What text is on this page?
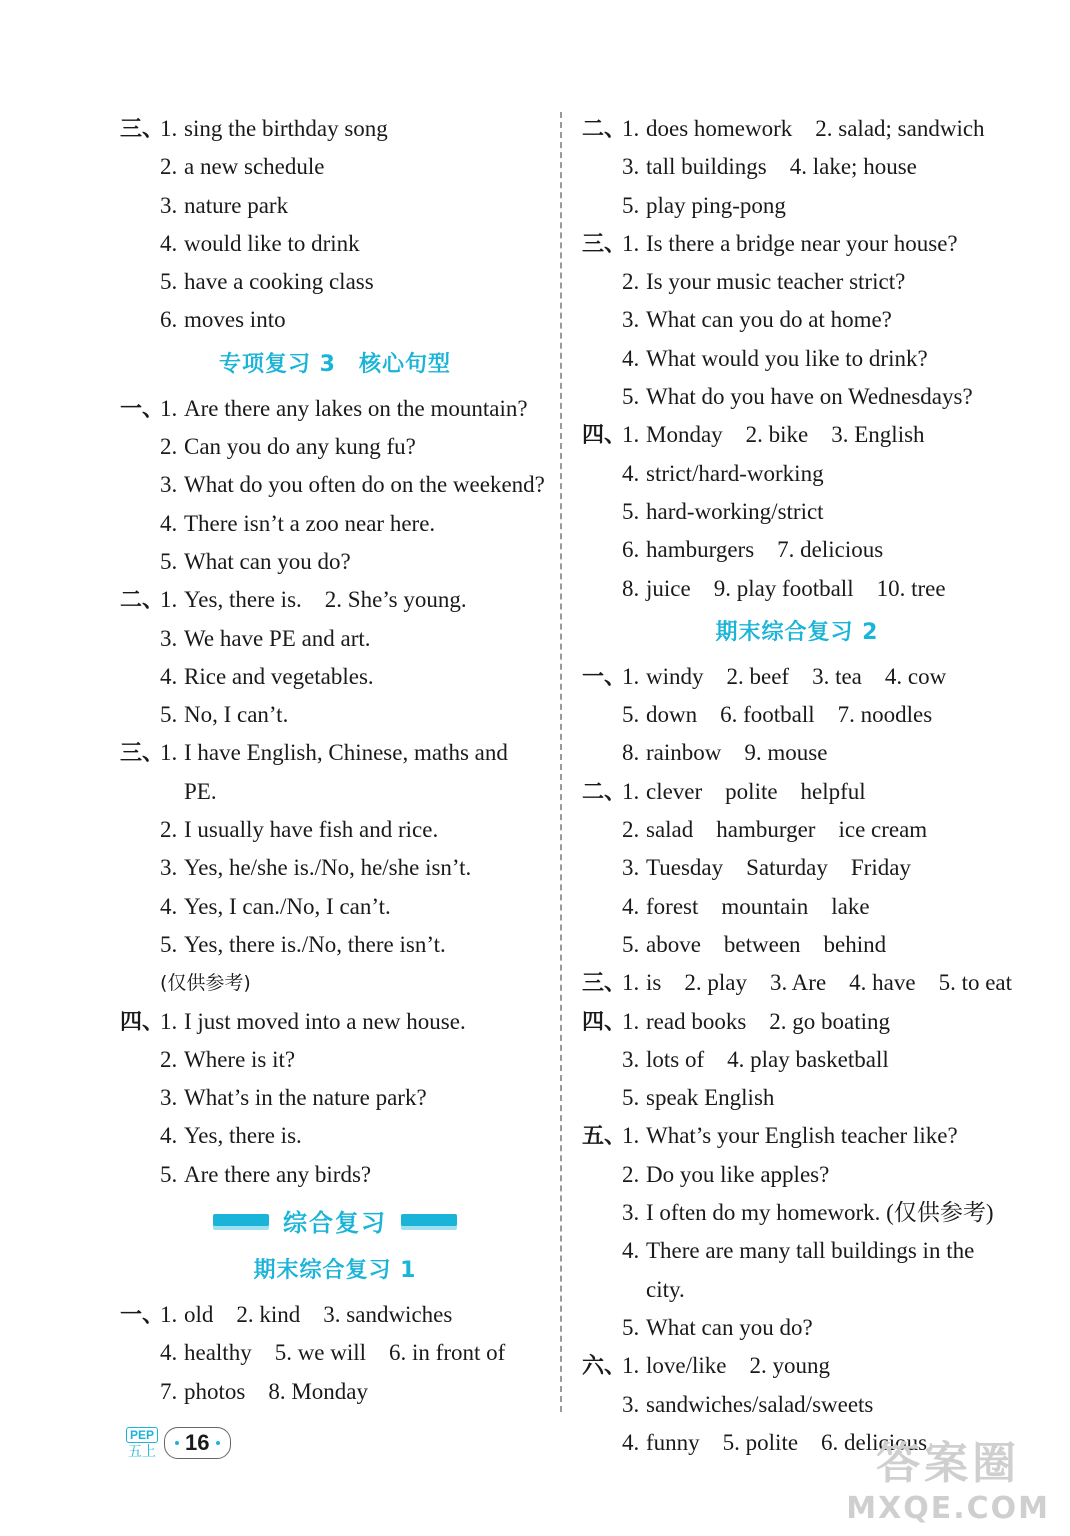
三、1. sing the birthday song
2. a new schedule
3. nature park
4. would like to drink
5. have a cooking class
6. moves into
专项复习 3　核心句型
一、1. Are there any lakes on the mountain?
2. Can you do any kung fu?
3. What do you often do on the weekend?
4. There isn’t a zoo near here.
5. What can you do?
二、1. Yes, there is.　2. She’s young.
3. We have PE and art.
4. Rice and vegetables.
5. No, I can’t.
三、1. I have English, Chinese, maths and
PE.
2. I usually have fish and rice.
3. Yes, he/she is./No, he/she isn’t.
4. Yes, I can./No, I can’t.
5. Yes, there is./No, there isn’t.
(仅供参考)
四、1. I just moved into a new house.
2. Where is it?
3. What’s in the nature park?
4. Yes, there is.
5. Are there any birds?
综合复习
期末综合复习 1
一、1. old　2. kind　3. sandwiches
4. healthy　5. we will　6. in front of
7. photos　8. Monday
二、1. does homework　2. salad; sandwich
3. tall buildings　4. lake; house
5. play ping-pong
三、1. Is there a bridge near your house?
2. Is your music teacher strict?
3. What can you do at home?
4. What would you like to drink?
5. What do you have on Wednesdays?
四、1. Monday　2. bike　3. English
4. strict/hard-working
5. hard-working/strict
6. hamburgers　7. delicious
8. juice　9. play football　10. tree
期末综合复习 2
一、1. windy　2. beef　3. tea　4. cow
5. down　6. football　7. noodles
8. rainbow　9. mouse
二、1. clever　polite　helpful
2. salad　hamburger　ice cream
3. Tuesday　Saturday　Friday
4. forest　mountain　lake
5. above　between　behind
三、1. is　2. play　3. Are　4. have　5. to eat
四、1. read books　2. go boating
3. lots of　4. play basketball
5. speak English
五、1. What’s your English teacher like?
2. Do you like apples?
3. I often do my homework. (仅供参考)
4. There are many tall buildings in the
city.
5. What can you do?
六、1. love/like　2. young
3. sandwiches/salad/sweets
4. funny　5. polite　6. delicious
PEP
五上 16	答案圈
MXQE.COM
